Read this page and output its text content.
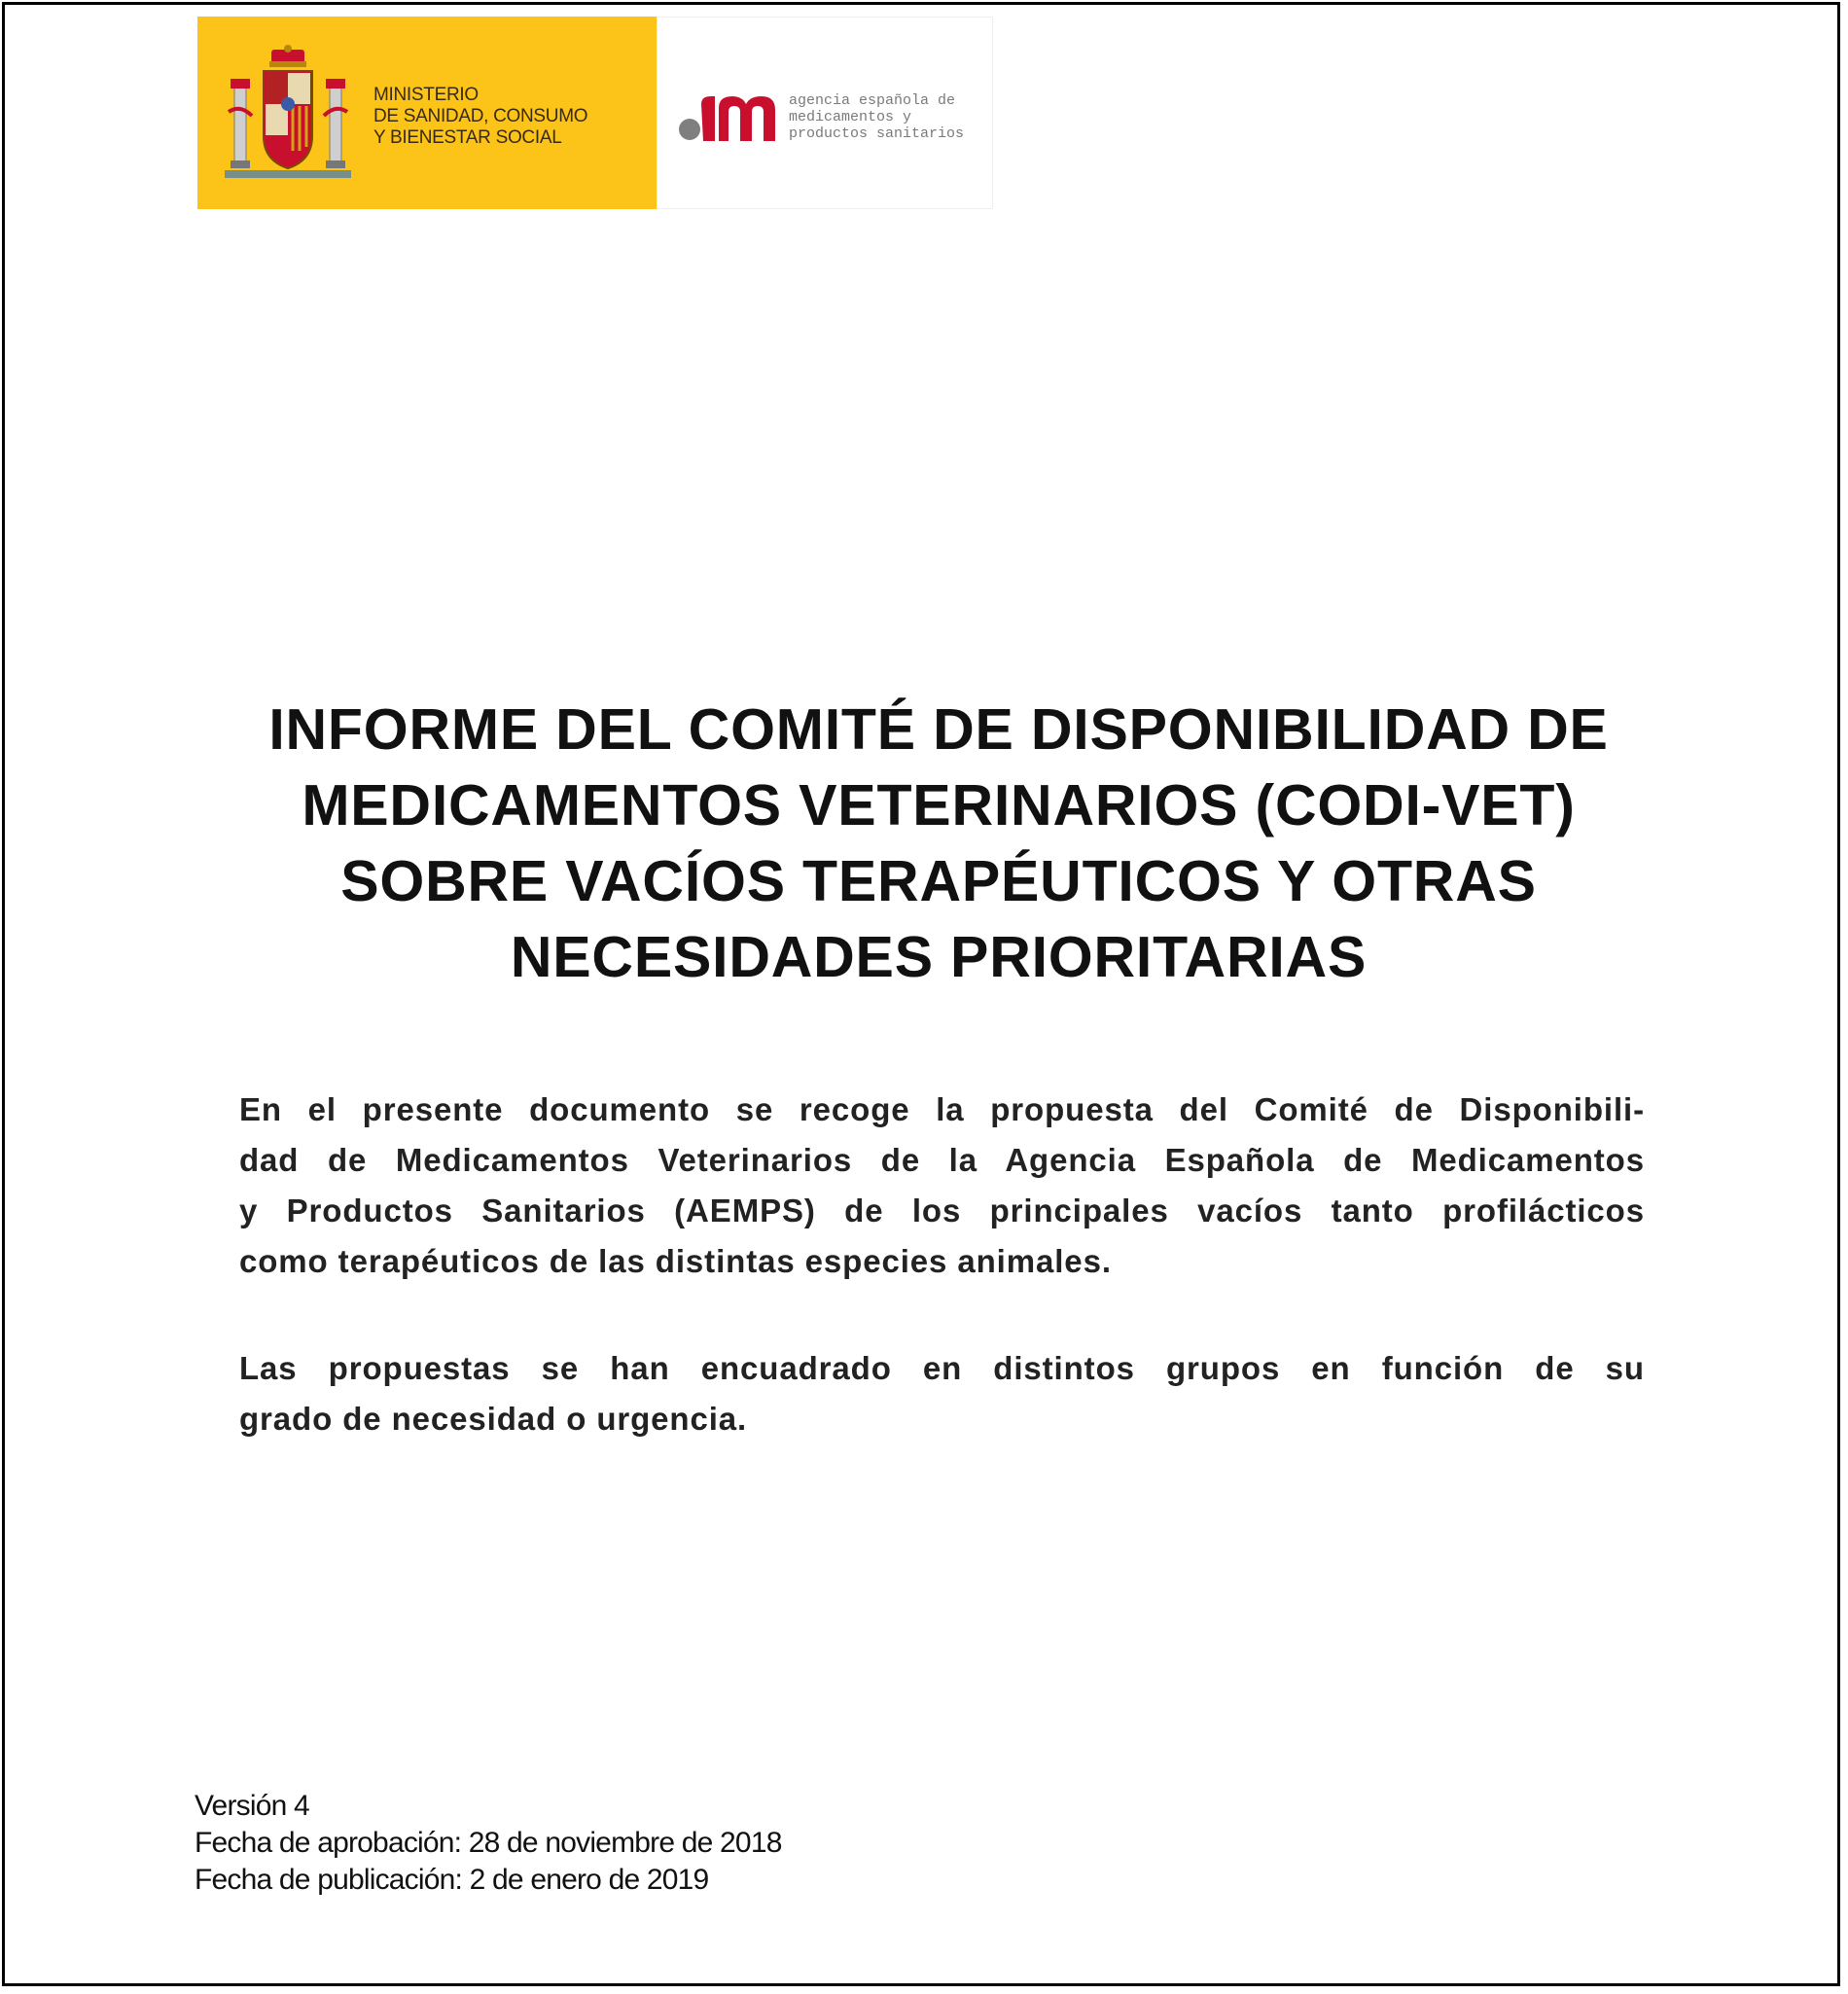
MINISTERIO
DE SANIDAD, CONSUMO
Y BIENESTAR SOCIAL
agencia española de
medicamentos y
productos sanitarios
INFORME DEL COMITÉ DE DISPONIBILIDAD DE
MEDICAMENTOS VETERINARIOS (CODI-VET)
SOBRE VACÍOS TERAPÉUTICOS Y OTRAS
NECESIDADES PRIORITARIAS
En el presente documento se recoge la propuesta del Comité de Disponibili-
dad de Medicamentos Veterinarios de la Agencia Española de Medicamentos
y Productos Sanitarios (AEMPS) de los principales vacíos tanto profilácticos
como terapéuticos de las distintas especies animales.
Las propuestas se han encuadrado en distintos grupos en función de su
grado de necesidad o urgencia.
Versión 4
Fecha de aprobación: 28 de noviembre de 2018
Fecha de publicación: 2 de enero de 2019
